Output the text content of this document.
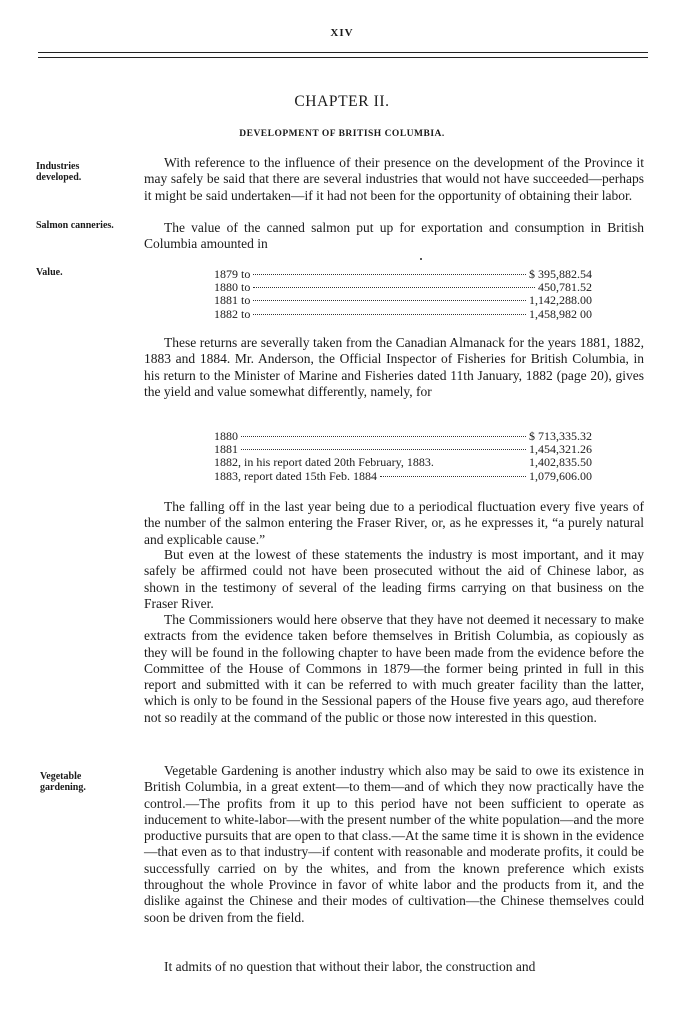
XIV
CHAPTER II.
DEVELOPMENT OF BRITISH COLUMBIA.
Industries developed.
Salmon canneries.
Value.
Vegetable gardening.
With reference to the influence of their presence on the development of the Province it may safely be said that there are several industries that would not have succeeded—perhaps it might be said undertaken—if it had not been for the opportunity of obtaining their labor.
The value of the canned salmon put up for exportation and consumption in British Columbia amounted in
1879 to	$ 395,882.54
1880 to	450,781.52
1881 to	1,142,288.00
1882 to	1,458,982 00
These returns are severally taken from the Canadian Almanack for the years 1881, 1882, 1883 and 1884. Mr. Anderson, the Official Inspector of Fisheries for British Columbia, in his return to the Minister of Marine and Fisheries dated 11th January, 1882 (page 20), gives the yield and value somewhat differently, namely, for
1880	$ 713,335.32
1881	1,454,321.26
1882, in his report dated 20th February, 1883.	1,402,835.50
1883, report dated 15th Feb. 1884	1,079,606.00
The falling off in the last year being due to a periodical fluctuation every five years of the number of the salmon entering the Fraser River, or, as he expresses it, “a purely natural and explicable cause.”
But even at the lowest of these statements the industry is most important, and it may safely be affirmed could not have been prosecuted without the aid of Chinese labor, as shown in the testimony of several of the leading firms carrying on that business on the Fraser River.
The Commissioners would here observe that they have not deemed it necessary to make extracts from the evidence taken before themselves in British Columbia, as copiously as they will be found in the following chapter to have been made from the evidence before the Committee of the House of Commons in 1879—the former being printed in full in this report and submitted with it can be referred to with much greater facility than the latter, which is only to be found in the Sessional papers of the House five years ago, aud therefore not so readily at the command of the public or those now interested in this question.
Vegetable Gardening is another industry which also may be said to owe its existence in British Columbia, in a great extent—to them—and of which they now practically have the control.—The profits from it up to this period have not been sufficient to operate as inducement to white-labor—with the present number of the white population—and the more productive pursuits that are open to that class.—At the same time it is shown in the evidence—that even as to that industry—if content with reasonable and moderate profits, it could be successfully carried on by the whites, and from the known preference which exists throughout the whole Province in favor of white labor and the products from it, and the dislike against the Chinese and their modes of cultivation—the Chinese themselves could soon be driven from the field.
It admits of no question that without their labor, the construction and
